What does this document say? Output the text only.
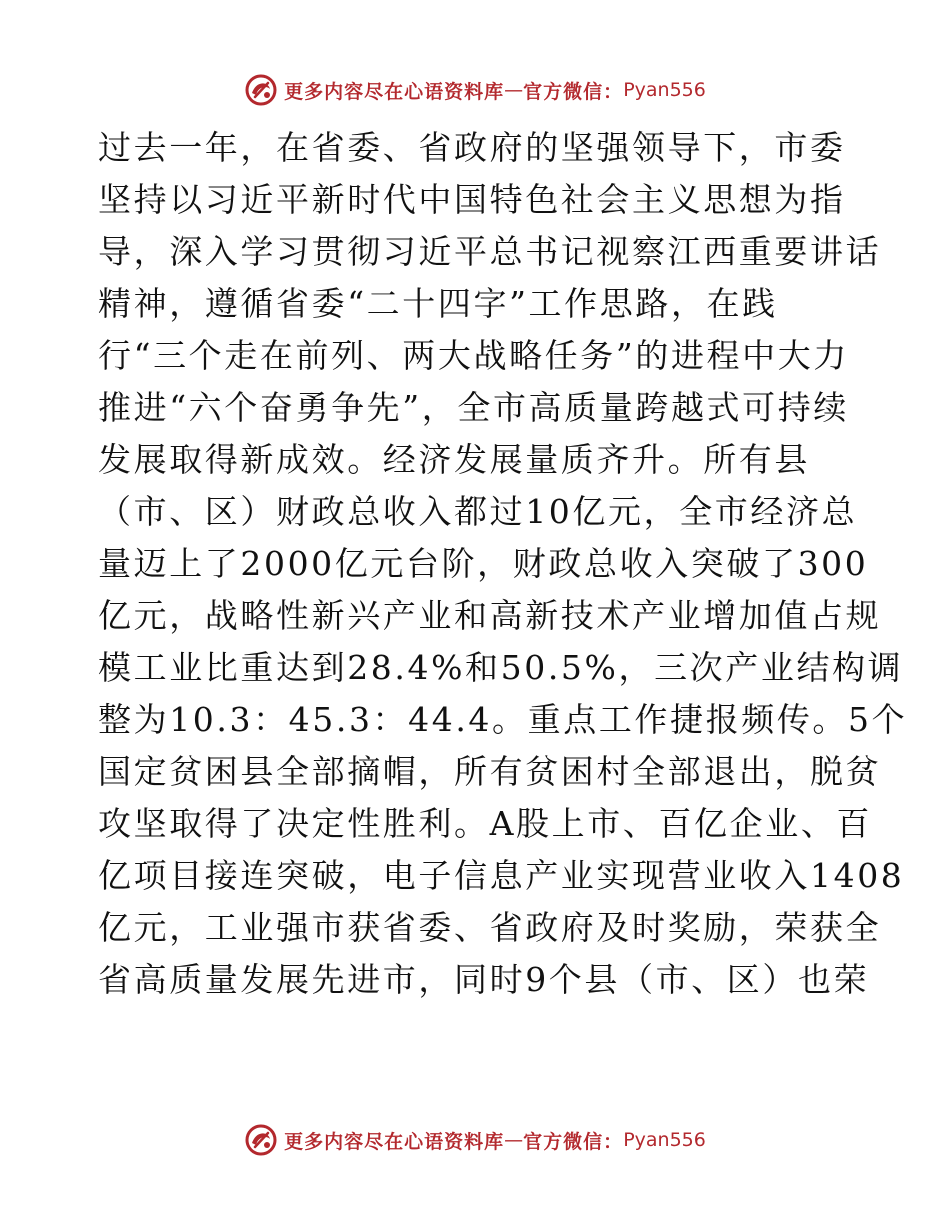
更多内容尽在心语资料库 — 官方微信： Pyan556
过去一年，在省委、省政府的坚强领导下，市委
坚持以习近平新时代中国特色社会主义思想为指
导，深入学习贯彻习近平总书记视察江西重要讲话
精神，遵循省委“二十四字”工作思路，在践
行“三个走在前列、两大战略任务”的进程中大力
推进“六个奋勇争先”，全市高质量跨越式可持续
发展取得新成效。经济发展量质齐升。所有县
（市、区）财政总收入都过10亿元，全市经济总
量迈上了2000亿元台阶，财政总收入突破了300
亿元，战略性新兴产业和高新技术产业增加值占规
模工业比重达到28.4%和50.5%，三次产业结构调
整为10.3：45.3：44.4。重点工作捷报频传。5个
国定贫困县全部摘帽，所有贫困村全部退出，脱贫
攻坚取得了决定性胜利。A股上市、百亿企业、百
亿项目接连突破，电子信息产业实现营业收入1408
亿元，工业强市获省委、省政府及时奖励，荣获全
省高质量发展先进市，同时9个县（市、区）也荣
更多内容尽在心语资料库 — 官方微信： Pyan556
